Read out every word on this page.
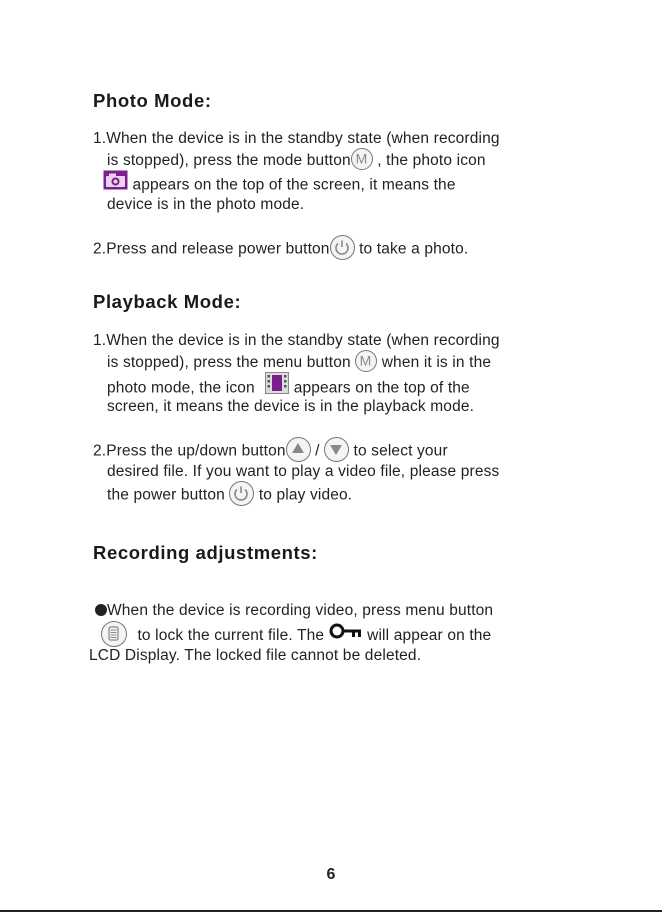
Photo Mode:
1.When the device is in the standby state (when recording
is stopped), press the mode button M , the photo icon
appears on the top of the screen, it means the
device is in the photo mode.
2.Press and release power button to take a photo.
Playback Mode:
1.When the device is in the standby state (when recording
is stopped), press the menu button M when it is in the
photo mode, the icon	appears on the top of the
screen, it means the device is in the playback mode.
2.Press the up/down button / to select your
desired file. If you want to play a video file, please press
the power button to play video.
Recording adjustments:
When the device is recording video, press menu button
to lock the current file. The	will appear on the
LCD Display. The locked file cannot be deleted.
6
